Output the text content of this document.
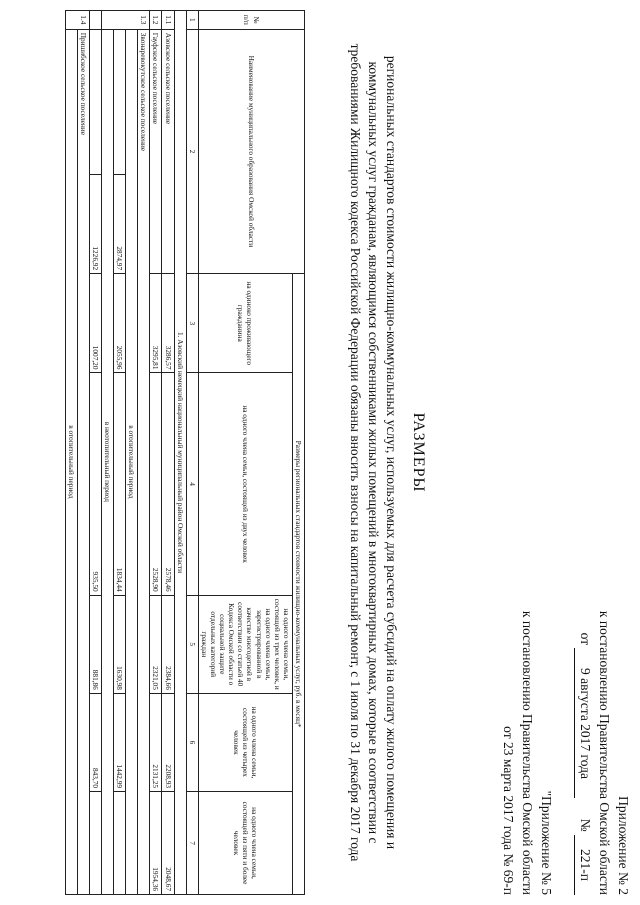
Приложение № 2
к постановлению Правительства Омской области
от 9 августа 2017 года      № 221-п
"Приложение № 5
к постановлению Правительства Омской области
от 23 марта 2017 года № 69-п
РАЗМЕРЫ
региональных стандартов стоимости жилищно-коммунальных услуг, используемых для расчета субсидий на оплату жилого помещения и коммунальных услуг гражданам, являющимся собственниками жилых помещений в многоквартирных домах, которые в соответствии с требованиями Жилищного кодекса Российской Федерации обязаны вносить взносы на капитальный ремонт, с 1 июля по 31 декабря 2017 года
№ п/п	Наименование муниципального образования Омской области		Размеры региональных стандартов стоимости жилищно-коммунальных услуг, руб. в месяц*				
			на одиноко проживающего гражданина	на одного члена семьи, состоящей из двух человек	на одного члена семьи, состоящей из трех человек, и на одного члена семьи, зарегистрированной в качестве многодетной в соответствии со статьей 40 Кодекса Омской области о социальной защите отдельных категорий граждан	на одного члена семьи, состоящей из четырех человек	на одного члена семьи, состоящей из пяти и более человек
1	2		3	4	5	6	7
1. Азовский немецкий национальный муниципальный район Омской области							
1.1	Азовское сельское поселение		3286,57	2578,46	2384,66	2208,93	2048,67
1.2	Гауфское сельское поселение		3295,81	2528,90	2321,05	2131,25	1954,36
1.3	Звонаревокутское сельское поселение						
	в отопительный период						
		2874,97	2055,96	1834,44	1630,98	1442,99	
	в неотопительный период						
		1226,92	1007,20	935,50	881,86	843,70	
1.4	Пришибское сельское поселение						
	в отопительный период						
